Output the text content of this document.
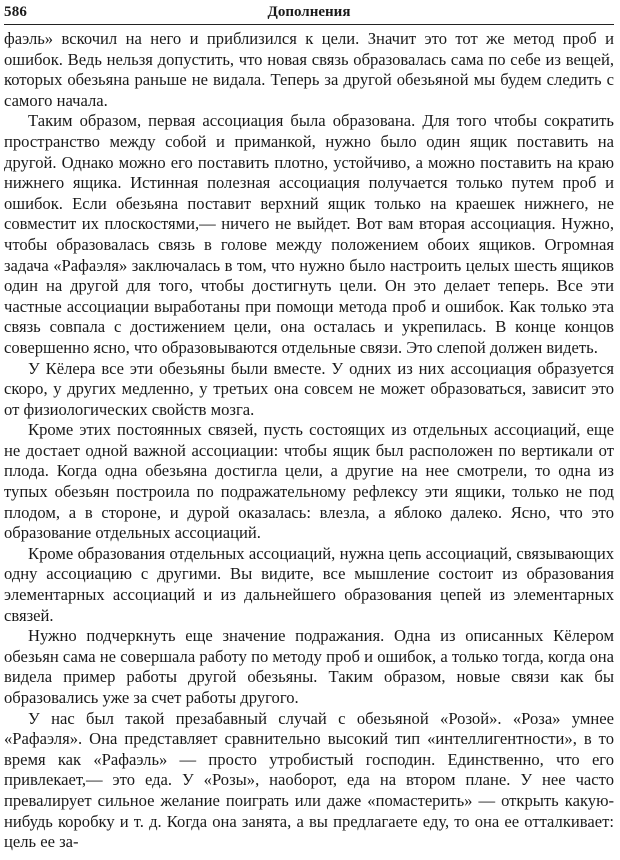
586	Дополнения

фаэль» вскочил на него и приблизился к цели. Значит это тот же метод проб и ошибок. Ведь нельзя допустить, что новая связь образовалась сама по себе из вещей, которых обезьяна раньше не видала. Теперь за другой обезьяной мы будем следить с самого начала.

Таким образом, первая ассоциация была образована. Для того чтобы сократить пространство между собой и приманкой, нужно было один ящик поставить на другой. Однако можно его поставить плотно, устойчиво, а можно поставить на краю нижнего ящика. Истинная полезная ассоциация получается только путем проб и ошибок. Если обезьяна поставит верхний ящик только на краешек нижнего, не совместит их плоскостями,— ничего не выйдет. Вот вам вторая ассоциация. Нужно, чтобы образовалась связь в голове между положением обоих ящиков. Огромная задача «Рафаэля» заключалась в том, что нужно было настроить целых шесть ящиков один на другой для того, чтобы достигнуть цели. Он это делает теперь. Все эти частные ассоциации выработаны при помощи метода проб и ошибок. Как только эта связь совпала с достижением цели, она осталась и укрепилась. В конце концов совершенно ясно, что образовываются отдельные связи. Это слепой должен видеть.

У Кёлера все эти обезьяны были вместе. У одних из них ассоциация образуется скоро, у других медленно, у третьих она совсем не может образоваться, зависит это от физиологических свойств мозга.

Кроме этих постоянных связей, пусть состоящих из отдельных ассоциаций, еще не достает одной важной ассоциации: чтобы ящик был расположен по вертикали от плода. Когда одна обезьяна достигла цели, а другие на нее смотрели, то одна из тупых обезьян построила по подражательному рефлексу эти ящики, только не под плодом, а в стороне, и дурой оказалась: влезла, а яблоко далеко. Ясно, что это образование отдельных ассоциаций.

Кроме образования отдельных ассоциаций, нужна цепь ассоциаций, связывающих одну ассоциацию с другими. Вы видите, все мышление состоит из образования элементарных ассоциаций и из дальнейшего образования цепей из элементарных связей.

Нужно подчеркнуть еще значение подражания. Одна из описанных Кёлером обезьян сама не совершала работу по методу проб и ошибок, а только тогда, когда она видела пример работы другой обезьяны. Таким образом, новые связи как бы образовались уже за счет работы другого.

У нас был такой презабавный случай с обезьяной «Розой». «Роза» умнее «Рафаэля». Она представляет сравнительно высокий тип «интеллигентности», в то время как «Рафаэль» — просто утробистый господин. Единственно, что его привлекает,— это еда. У «Розы», наоборот, еда на втором плане. У нее часто превалирует сильное желание поиграть или даже «помастерить» — открыть какую-нибудь коробку и т. д. Когда она занята, а вы предлагаете еду, то она ее отталкивает: цель ее за-
